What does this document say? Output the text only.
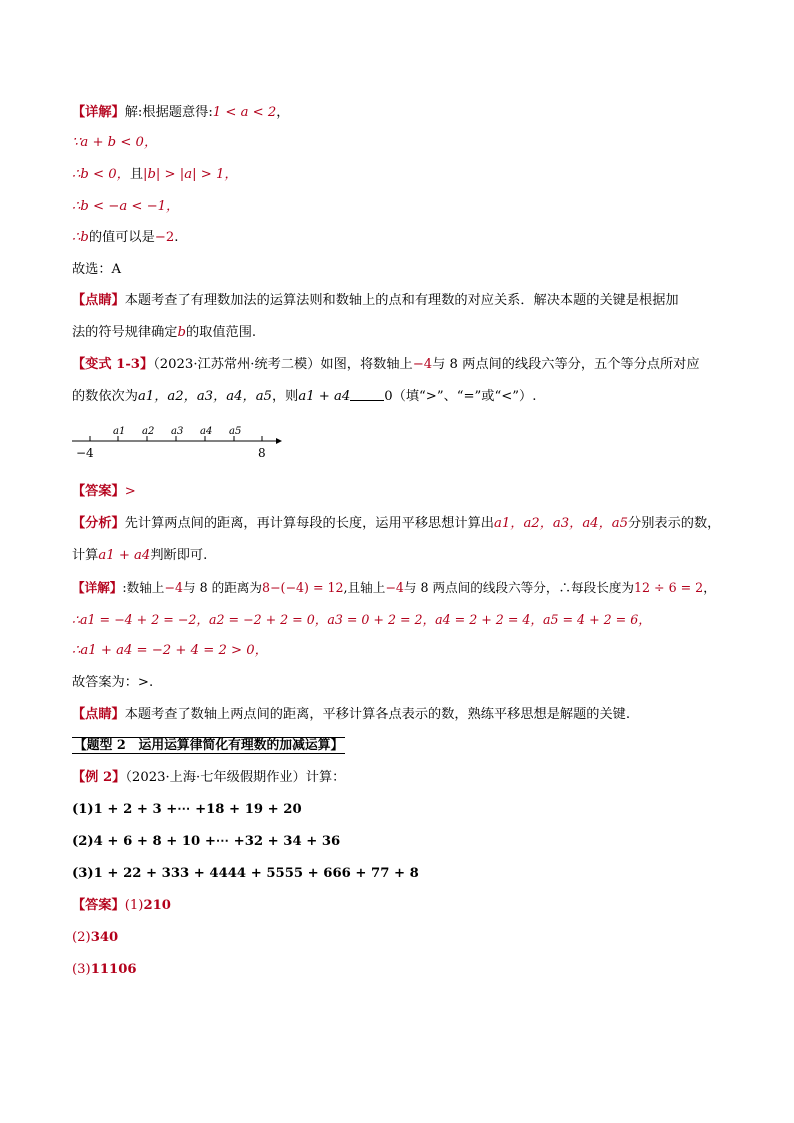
【详解】解:根据题意得:1 < a < 2，
∵a + b < 0，
∴b < 0，且|b| > |a| > 1，
∴b < −a < −1，
∴b的值可以是−2.
故选：A
【点睛】本题考查了有理数加法的运算法则和数轴上的点和有理数的对应关系．解决本题的关键是根据加
法的符号规律确定b的取值范围.
【变式 1-3】（2023·江苏常州·统考二模）如图，将数轴上−4与 8 两点间的线段六等分，五个等分点所对应
的数依次为a1，a2，a3，a4，a5，则a1 + a4	0（填“>”、“=”或“<”）.
a1 a2 a3 a4 a5
−4	8
【答案】>
【分析】先计算两点间的距离，再计算每段的长度，运用平移思想计算出a1，a2，a3，a4，a5分别表示的数，
计算a1 + a4判断即可.
【详解】:数轴上−4与 8 的距离为8−(−4) = 12,且轴上−4与 8 两点间的线段六等分，∴每段长度为12 ÷ 6 = 2，
∴a1 = −4 + 2 = −2，a2 = −2 + 2 = 0，a3 = 0 + 2 = 2，a4 = 2 + 2 = 4，a5 = 4 + 2 = 6，
∴a1 + a4 = −2 + 4 = 2 > 0，
故答案为：>.
【点睛】本题考查了数轴上两点间的距离，平移计算各点表示的数，熟练平移思想是解题的关键.
【题型 2　运用运算律简化有理数的加减运算】
【例 2】（2023·上海·七年级假期作业）计算：
(1)1 + 2 + 3 +⋯ +18 + 19 + 20
(2)4 + 6 + 8 + 10 +⋯ +32 + 34 + 36
(3)1 + 22 + 333 + 4444 + 5555 + 666 + 77 + 8
【答案】(1)210
(2)340
(3)11106
